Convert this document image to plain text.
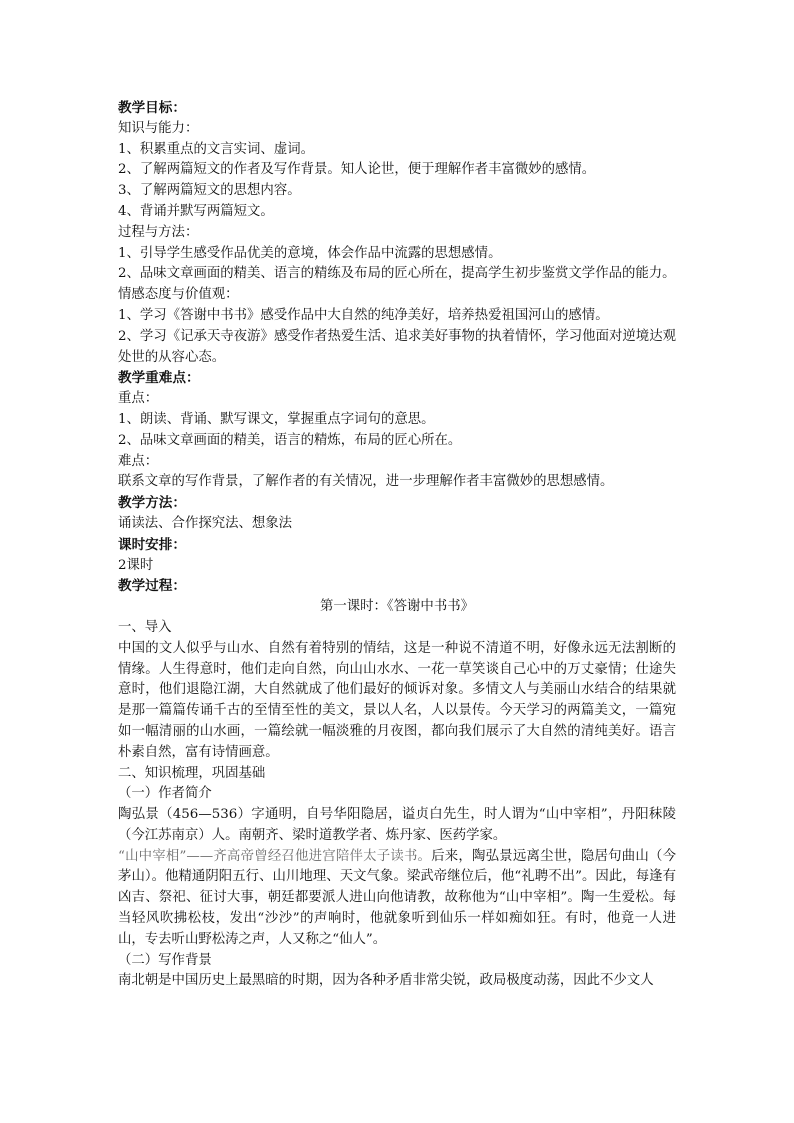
教学目标：
知识与能力：
1、积累重点的文言实词、虚词。
2、了解两篇短文的作者及写作背景。知人论世，便于理解作者丰富微妙的感情。
3、了解两篇短文的思想内容。
4、背诵并默写两篇短文。
过程与方法：
1、引导学生感受作品优美的意境，体会作品中流露的思想感情。
2、品味文章画面的精美、语言的精练及布局的匠心所在，提高学生初步鉴赏文学作品的能力。
情感态度与价值观：
1、学习《答谢中书书》感受作品中大自然的纯净美好，培养热爱祖国河山的感情。
2、学习《记承天寺夜游》感受作者热爱生活、追求美好事物的执着情怀，学习他面对逆境达观处世的从容心态。
教学重难点：
重点：
1、朗读、背诵、默写课文，掌握重点字词句的意思。
2、品味文章画面的精美，语言的精炼，布局的匠心所在。
难点：
联系文章的写作背景，了解作者的有关情况，进一步理解作者丰富微妙的思想感情。
教学方法：
诵读法、合作探究法、想象法
课时安排：
2课时
教学过程：
第一课时：《答谢中书书》
一、导入
中国的文人似乎与山水、自然有着特别的情结，这是一种说不清道不明，好像永远无法割断的情缘。人生得意时，他们走向自然，向山山水水、一花一草笑谈自己心中的万丈豪情；仕途失意时，他们退隐江湖，大自然就成了他们最好的倾诉对象。多情文人与美丽山水结合的结果就是那一篇篇传诵千古的至情至性的美文，景以人名，人以景传。今天学习的两篇美文，一篇宛如一幅清丽的山水画，一篇绘就一幅淡雅的月夜图，都向我们展示了大自然的清纯美好。语言朴素自然，富有诗情画意。
二、知识梳理，巩固基础
（一）作者简介
陶弘景（456—536）字通明，自号华阳隐居，谥贞白先生，时人谓为“山中宰相”，丹阳秣陵（今江苏南京）人。南朝齐、梁时道教学者、炼丹家、医药学家。
“山中宰相”——齐高帝曾经召他进宫陪伴太子读书。后来，陶弘景远离尘世，隐居句曲山（今茅山）。他精通阴阳五行、山川地理、天文气象。梁武帝继位后，他“礼聘不出”。因此，每逢有凶吉、祭祀、征讨大事，朝廷都要派人进山向他请教，故称他为“山中宰相”。陶一生爱松。每当轻风吹拂松枝，发出“沙沙”的声响时，他就象听到仙乐一样如痴如狂。有时，他竟一人进山，专去听山野松涛之声，人又称之“仙人”。
（二）写作背景
南北朝是中国历史上最黑暗的时期，因为各种矛盾非常尖锐，政局极度动荡，因此不少文人
